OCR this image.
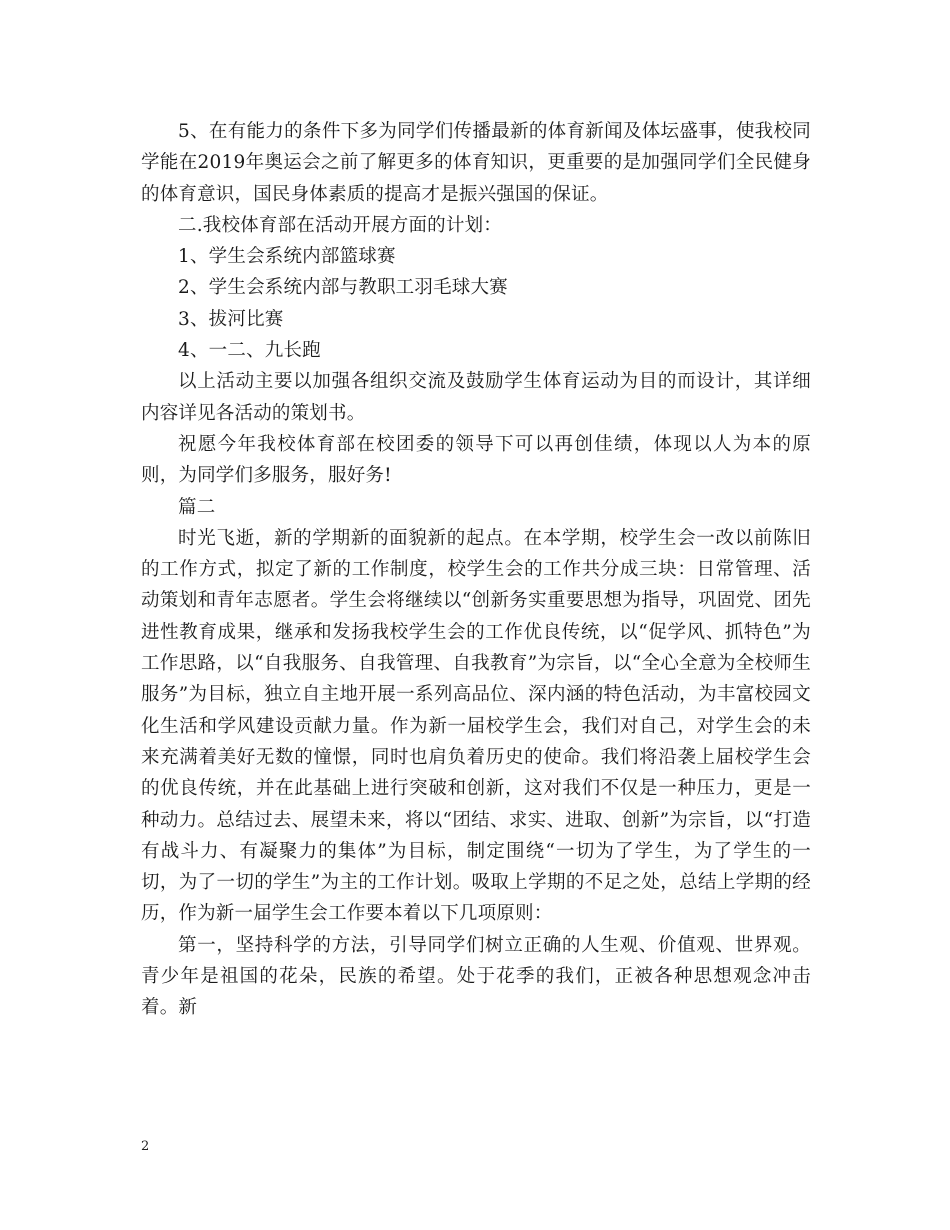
5、在有能力的条件下多为同学们传播最新的体育新闻及体坛盛事，使我校同学能在2019年奥运会之前了解更多的体育知识，更重要的是加强同学们全民健身的体育意识，国民身体素质的提高才是振兴强国的保证。

二.我校体育部在活动开展方面的计划：

1、学生会系统内部篮球赛

2、学生会系统内部与教职工羽毛球大赛

3、拔河比赛

4、一二、九长跑

以上活动主要以加强各组织交流及鼓励学生体育运动为目的而设计，其详细内容详见各活动的策划书。

祝愿今年我校体育部在校团委的领导下可以再创佳绩，体现以人为本的原则，为同学们多服务，服好务!

篇二

时光飞逝，新的学期新的面貌新的起点。在本学期，校学生会一改以前陈旧的工作方式，拟定了新的工作制度，校学生会的工作共分成三块：日常管理、活动策划和青年志愿者。学生会将继续以“创新务实重要思想为指导，巩固党、团先进性教育成果，继承和发扬我校学生会的工作优良传统，以“促学风、抓特色”为工作思路，以“自我服务、自我管理、自我教育”为宗旨，以“全心全意为全校师生服务”为目标，独立自主地开展一系列高品位、深内涵的特色活动，为丰富校园文化生活和学风建设贡献力量。作为新一届校学生会，我们对自己，对学生会的未来充满着美好无数的憧憬，同时也肩负着历史的使命。我们将沿袭上届校学生会的优良传统，并在此基础上进行突破和创新，这对我们不仅是一种压力，更是一种动力。总结过去、展望未来，将以“团结、求实、进取、创新”为宗旨，以“打造有战斗力、有凝聚力的集体”为目标，制定围绕“一切为了学生，为了学生的一切，为了一切的学生”为主的工作计划。吸取上学期的不足之处，总结上学期的经历，作为新一届学生会工作要本着以下几项原则：

第一，坚持科学的方法，引导同学们树立正确的人生观、价值观、世界观。青少年是祖国的花朵，民族的希望。处于花季的我们，正被各种思想观念冲击着。新

2
